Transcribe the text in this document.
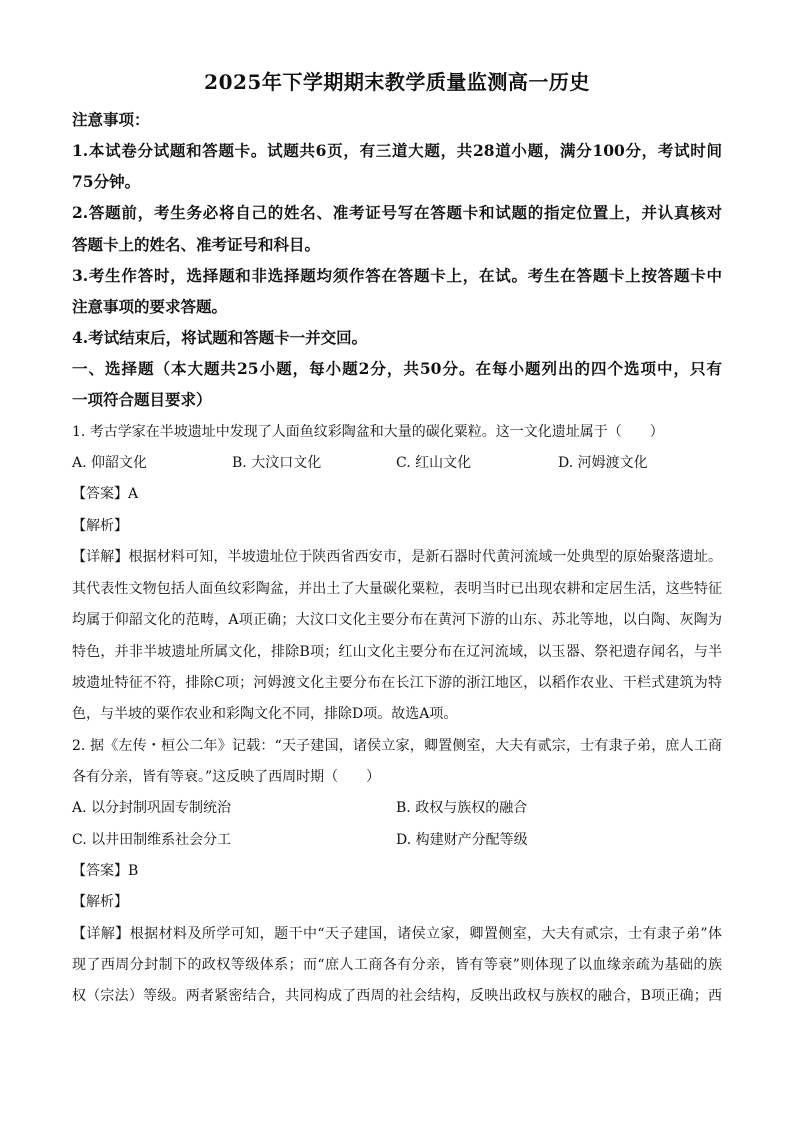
2025年下学期期末教学质量监测高一历史
注意事项：
1.本试卷分试题和答题卡。试题共6页，有三道大题，共28道小题，满分100分，考试时间
75分钟。
2.答题前，考生务必将自己的姓名、准考证号写在答题卡和试题的指定位置上，并认真核对
答题卡上的姓名、准考证号和科目。
3.考生作答时，选择题和非选择题均须作答在答题卡上，在试。考生在答题卡上按答题卡中
注意事项的要求答题。
4.考试结束后，将试题和答题卡一并交回。
一、选择题（本大题共25小题，每小题2分，共50分。在每小题列出的四个选项中，只有
一项符合题目要求）
1. 考古学家在半坡遗址中发现了人面鱼纹彩陶盆和大量的碳化粟粒。这一文化遗址属于（　　）
A. 仰韶文化	B. 大汶口文化	C. 红山文化	D. 河姆渡文化
【答案】A
【解析】
【详解】根据材料可知，半坡遗址位于陕西省西安市，是新石器时代黄河流域一处典型的原始聚落遗址。
其代表性文物包括人面鱼纹彩陶盆，并出土了大量碳化粟粒，表明当时已出现农耕和定居生活，这些特征
均属于仰韶文化的范畴，A项正确；大汶口文化主要分布在黄河下游的山东、苏北等地，以白陶、灰陶为
特色，并非半坡遗址所属文化，排除B项；红山文化主要分布在辽河流域，以玉器、祭祀遗存闻名，与半
坡遗址特征不符，排除C项；河姆渡文化主要分布在长江下游的浙江地区，以稻作农业、干栏式建筑为特
色，与半坡的粟作农业和彩陶文化不同，排除D项。故选A项。
2. 据《左传・桓公二年》记载：“天子建国，诸侯立家，卿置侧室，大夫有贰宗，士有隶子弟，庶人工商
各有分亲，皆有等衰。”这反映了西周时期（　　）
A. 以分封制巩固专制统治	B. 政权与族权的融合
C. 以井田制维系社会分工	D. 构建财产分配等级
【答案】B
【解析】
【详解】根据材料及所学可知，题干中“天子建国，诸侯立家，卿置侧室，大夫有贰宗，士有隶子弟”体
现了西周分封制下的政权等级体系；而“庶人工商各有分亲，皆有等衰”则体现了以血缘亲疏为基础的族
权（宗法）等级。两者紧密结合，共同构成了西周的社会结构，反映出政权与族权的融合，B项正确；西
